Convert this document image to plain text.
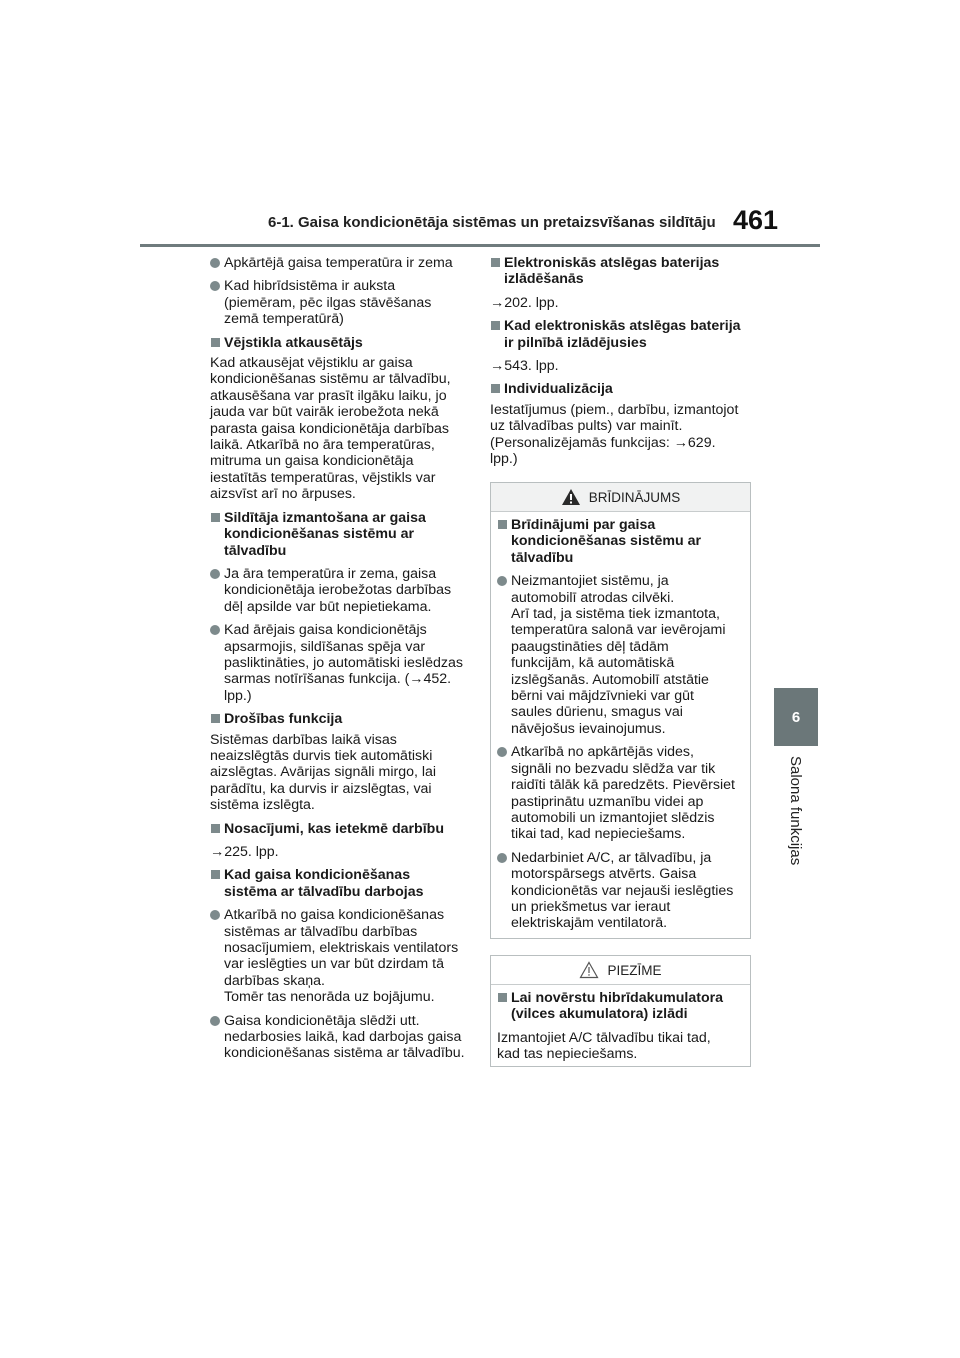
6-1. Gaisa kondicionētāja sistēmas un pretaizsvīšanas sildītāju 461
6
Salona funkcijas
Apkārtējā gaisa temperatūra ir zema
Kad hibrīdsistēma ir auksta
(piemēram, pēc ilgas stāvēšanas
zemā temperatūrā)
Vējstikla atkausētājs

Kad atkausējat vējstiklu ar gaisa
kondicionēšanas sistēmu ar tālvadību,
atkausēšana var prasīt ilgāku laiku, jo
jauda var būt vairāk ierobežota nekā
parasta gaisa kondicionētāja darbības
laikā. Atkarībā no āra temperatūras,
mitruma un gaisa kondicionētāja
iestatītās temperatūras, vējstikls var
aizsvīst arī no ārpuses.

Sildītāja izmantošana ar gaisa
kondicionēšanas sistēmu ar
tālvadību
Ja āra temperatūra ir zema, gaisa
kondicionētāja ierobežotas darbības
dēļ apsilde var būt nepietiekama.
Kad ārējais gaisa kondicionētājs
apsarmojis, sildīšanas spēja var
pasliktināties, jo automātiski ieslēdzas
sarmas notīrīšanas funkcija. (→452.
lpp.)
Drošības funkcija

Sistēmas darbības laikā visas
neaizslēgtās durvis tiek automātiski
aizslēgtas. Avārijas signāli mirgo, lai
parādītu, ka durvis ir aizslēgtas, vai
sistēma izslēgta.

Nosacījumi, kas ietekmē darbību

→225. lpp.

Kad gaisa kondicionēšanas
sistēma ar tālvadību darbojas
Atkarībā no gaisa kondicionēšanas
sistēmas ar tālvadību darbības
nosacījumiem, elektriskais ventilators
var ieslēgties un var būt dzirdam tā
darbības skaņa.
Tomēr tas nenorāda uz bojājumu.
Gaisa kondicionētāja slēdži utt.
nedarbosies laikā, kad darbojas gaisa
kondicionēšanas sistēma ar tālvadību.
Elektroniskās atslēgas baterijas
izlādēšanās

→202. lpp.

Kad elektroniskās atslēgas baterija
ir pilnībā izlādējusies

→543. lpp.

Individualizācija

Iestatījumus (piem., darbību, izmantojot
uz tālvadības pults) var mainīt.
(Personalizējamās funkcijas: →629.
lpp.)

BRĪDINĀJUMS
Brīdinājumi par gaisa
kondicionēšanas sistēmu ar
tālvadību
Neizmantojiet sistēmu, ja
automobilī atrodas cilvēki.
Arī tad, ja sistēma tiek izmantota,
temperatūra salonā var ievērojami
paaugstināties dēļ tādām
funkcijām, kā automātiskā
izslēgšanās. Automobilī atstātie
bērni vai mājdzīvnieki var gūt
saules dūrienu, smagus vai
nāvējošus ievainojumus.
Atkarībā no apkārtējās vides,
signāli no bezvadu slēdža var tik
raidīti tālāk kā paredzēts. Pievērsiet
pastiprinātu uzmanību videi ap
automobili un izmantojiet slēdzis
tikai tad, kad nepieciešams.
Nedarbiniet A/C, ar tālvadību, ja
motorspārsegs atvērts. Gaisa
kondicionētās var nejauši ieslēgties
un priekšmetus var ieraut
elektriskajām ventilatorā.
PIEZĪME
Lai novērstu hibrīdakumulatora
(vilces akumulatora) izlādi

Izmantojiet A/C tālvadību tikai tad,
kad tas nepieciešams.
